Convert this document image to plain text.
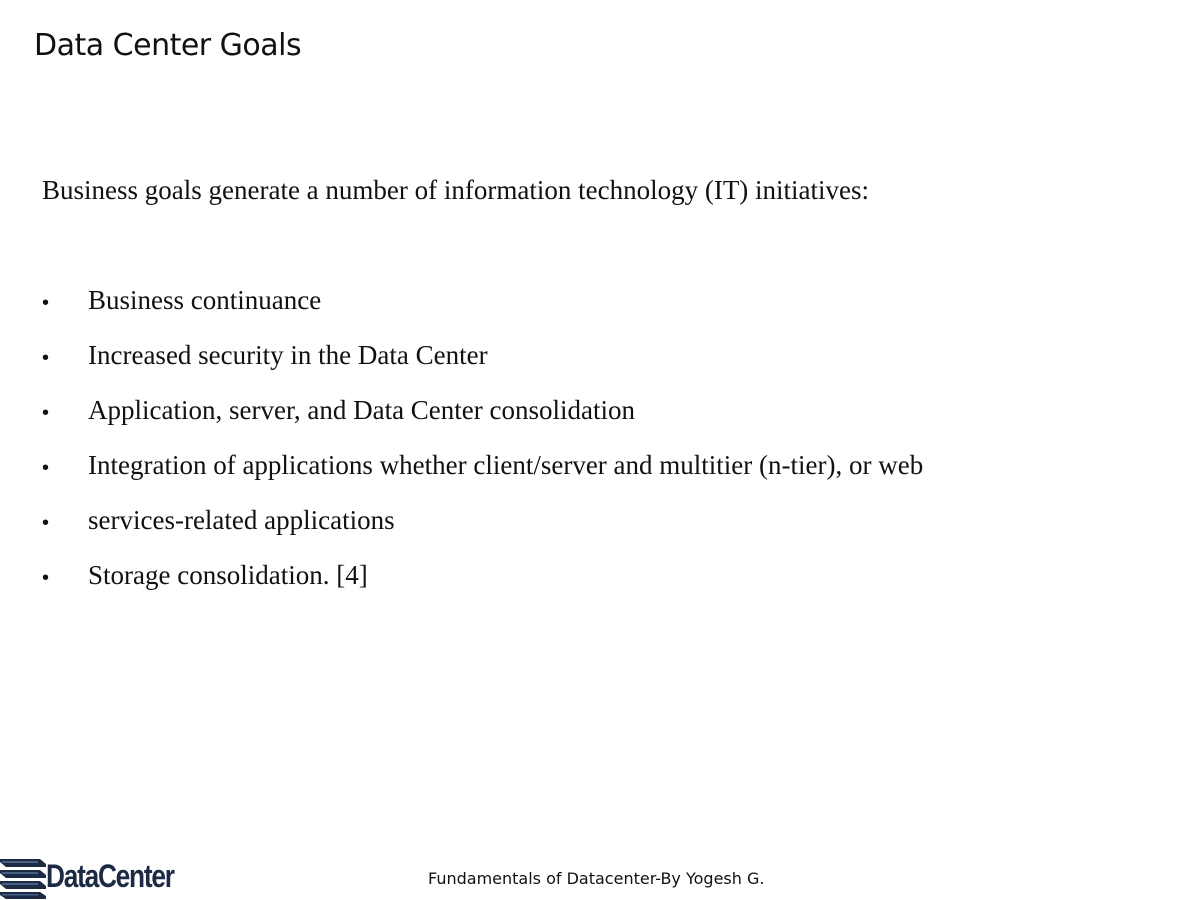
Data Center Goals

Business goals generate a number of information technology (IT) initiatives:

•	Business continuance
•	Increased security in the Data Center
•	Application, server, and Data Center consolidation
•	Integration of applications whether client/server and multitier (n-tier), or web
•	services-related applications
•	Storage consolidation. [4]
DataCenter	Fundamentals of Datacenter-By Yogesh G.
